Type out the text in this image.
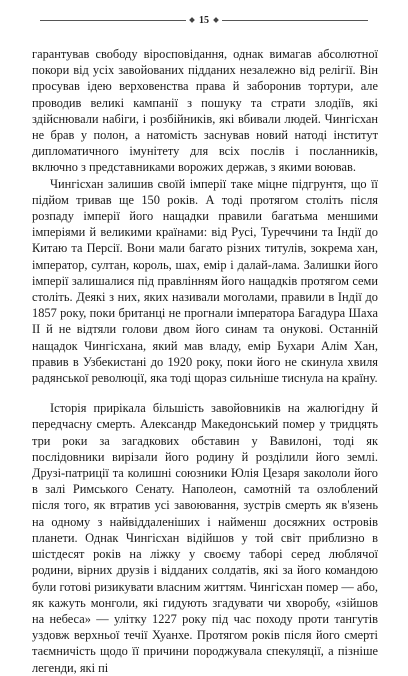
15

гарантував свободу віросповідання, однак вимагав абсолютної покори від усіх завойованих підданих незалежно від релігії. Він просував ідею верховенства права й заборонив тортури, але проводив великі кампанії з пошуку та страти злодіїв, які здійснювали набіги, і розбійників, які вбивали людей. Чингісхан не брав у полон, а натомість заснував новий натоді інститут дипломатичного імунітету для всіх послів і посланників, включно з представниками ворожих держав, з якими воював.

Чингісхан залишив своїй імперії таке міцне підгрунтя, що її підйом тривав ще 150 років. А тоді протягом століть після розпаду імперії його нащадки правили багатьма меншими імперіями й великими країнами: від Русі, Туреччини та Індії до Китаю та Персії. Вони мали багато різних титулів, зокрема хан, імператор, султан, король, шах, емір і далай-лама. Залишки його імперії залишалися під правлінням його нащадків протягом семи століть. Деякі з них, яких називали моголами, правили в Індії до 1857 року, поки британці не прогнали імператора Багадура Шаха II й не відтяли голови двом його синам та онукові. Останній нащадок Чингісхана, який мав владу, емір Бухари Алім Хан, правив в Узбекистані до 1920 року, поки його не скинула хвиля радянської революції, яка тоді щораз сильніше тиснула на країну.

Історія прирікала більшість завойовників на жалюгідну й передчасну смерть. Александр Македонський помер у тридцять три роки за загадкових обставин у Вавилоні, тоді як послідовники вирізали його родину й розділили його землі. Друзі-патриції та колишні союзники Юлія Цезаря закололи його в залі Римського Сенату. Наполеон, самотній та озлоблений після того, як втратив усі завоювання, зустрів смерть як в'язень на одному з найвіддаленіших і найменш досяжних островів планети. Однак Чингісхан відійшов у той світ приблизно в шістдесят років на ліжку у своєму таборі серед люблячої родини, вірних друзів і відданих солдатів, які за його командою були готові ризикувати власним життям. Чингісхан помер — або, як кажуть монголи, які гидують згадувати чи хворобу, «зійшов на небеса» — улітку 1227 року під час походу проти тангутів уздовж верхньої течії Хуанхе. Протягом років після його смерті таємничість щодо її причини породжувала спекуляції, а пізніше легенди, які пі
